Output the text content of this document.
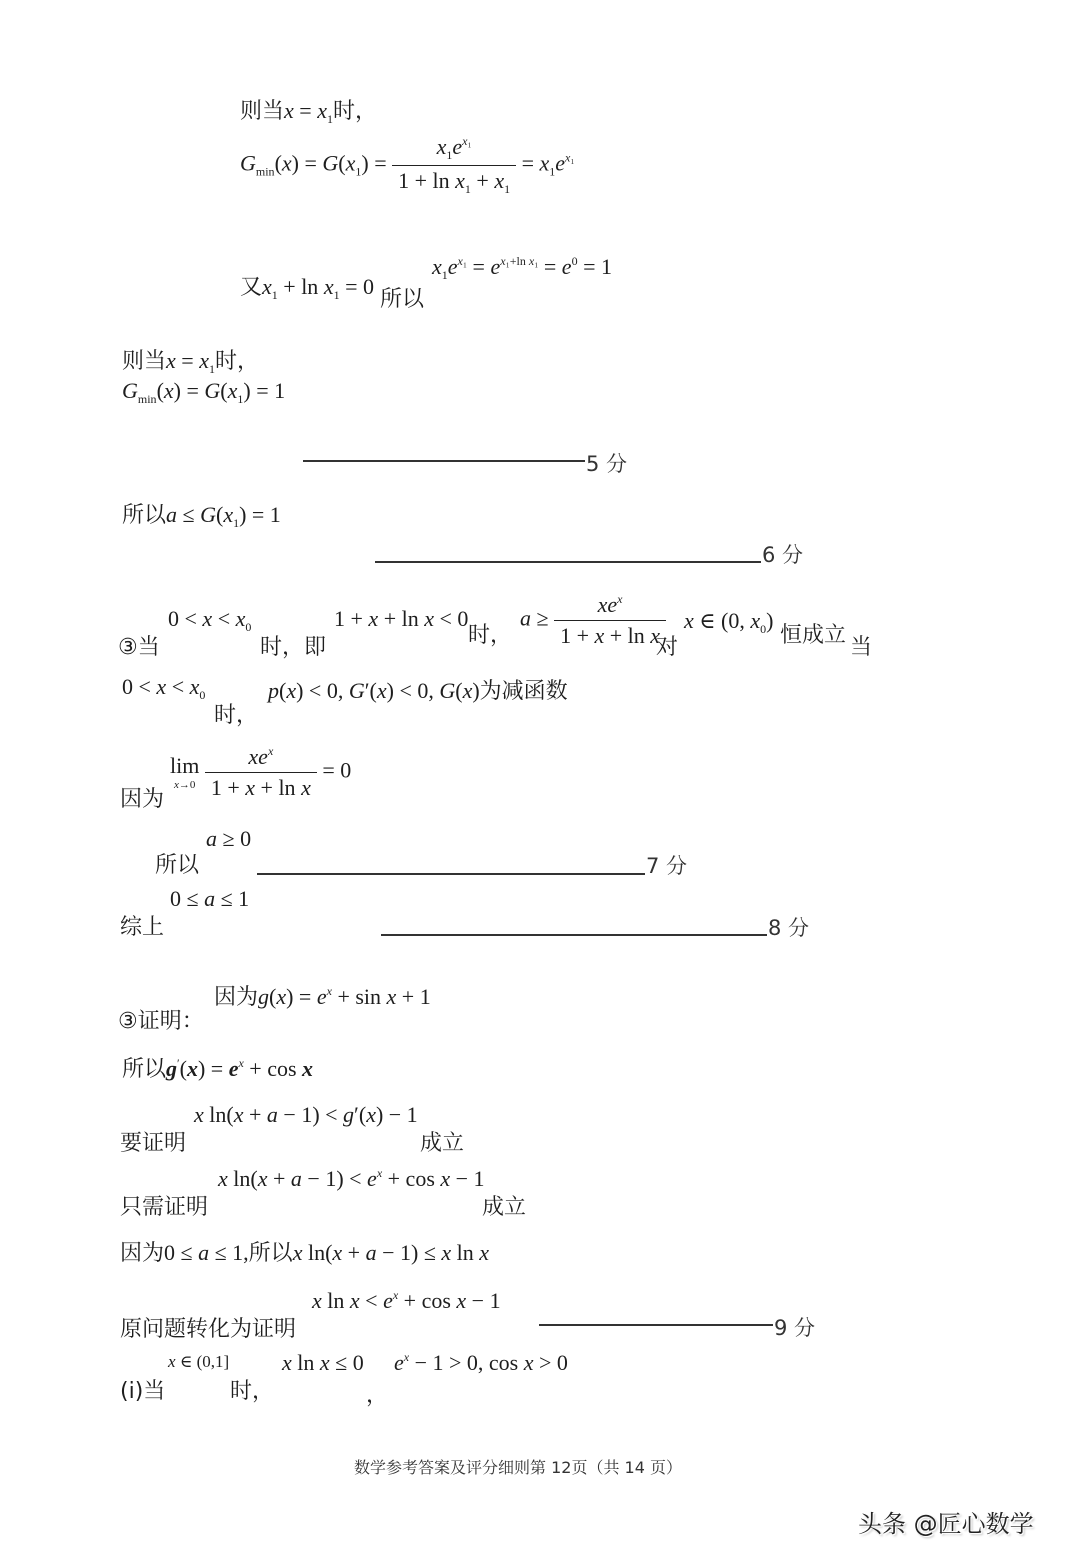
则当$x = x_1$时，
$G_{min}(x) = G(x_1) = \frac{x_1e^{x_1}}{1 + \ln x_1 + x_1} = x_1e^{x_1}$
又$x_1 + \ln x_1 = 0$
所以
$x_1e^{x_1} = e^{x_1+ln x_1} = e^0 = 1$
则当$x = x_1$时，
$G_{min}(x) = G(x_1) = 1$
5 分
所以$a \le G(x_1) = 1$
6 分
③当
$0 < x < x_0$
时，即
1 + x + ln x < 0
时，
$a \ge \frac{xe^x}{\text{1 + x + ln x}}$
对
x ∈ (0, $x_0$)
恒成立 当
$0 < x < x_0$
时，
p(x) < 0, G′(x) < 0, G(x)为减函数
因为
lim
x→0
$\frac{xe^x}{\text{1 + x + ln x}} = 0$
a ≥ 0
所以	7 分
0 ≤ a ≤ 1
综上	8 分
因为$g(x) = e^x + \sin x + 1$
③证明：
所以$g'(x) = e^x + \cos x$
x ln(x + a − 1) < g′(x) − 1
要证明	成立
x $\ln(x + a - 1) < e^x + \cos x - 1$
只需证明	成立
因为0 ≤ a ≤ 1,所以x ln(x + a − 1) ≤ x ln x
x $\ln x < e^x + \cos x - 1$
原问题转化为证明	9 分
x ∈ (0,1]
(i)当	时，
x ln x ≤ 0
，
$e^x - 1 > 0$, cos x > 0
数学参考答案及评分细则第 12页（共 14 页）
头条 @匠心数学
